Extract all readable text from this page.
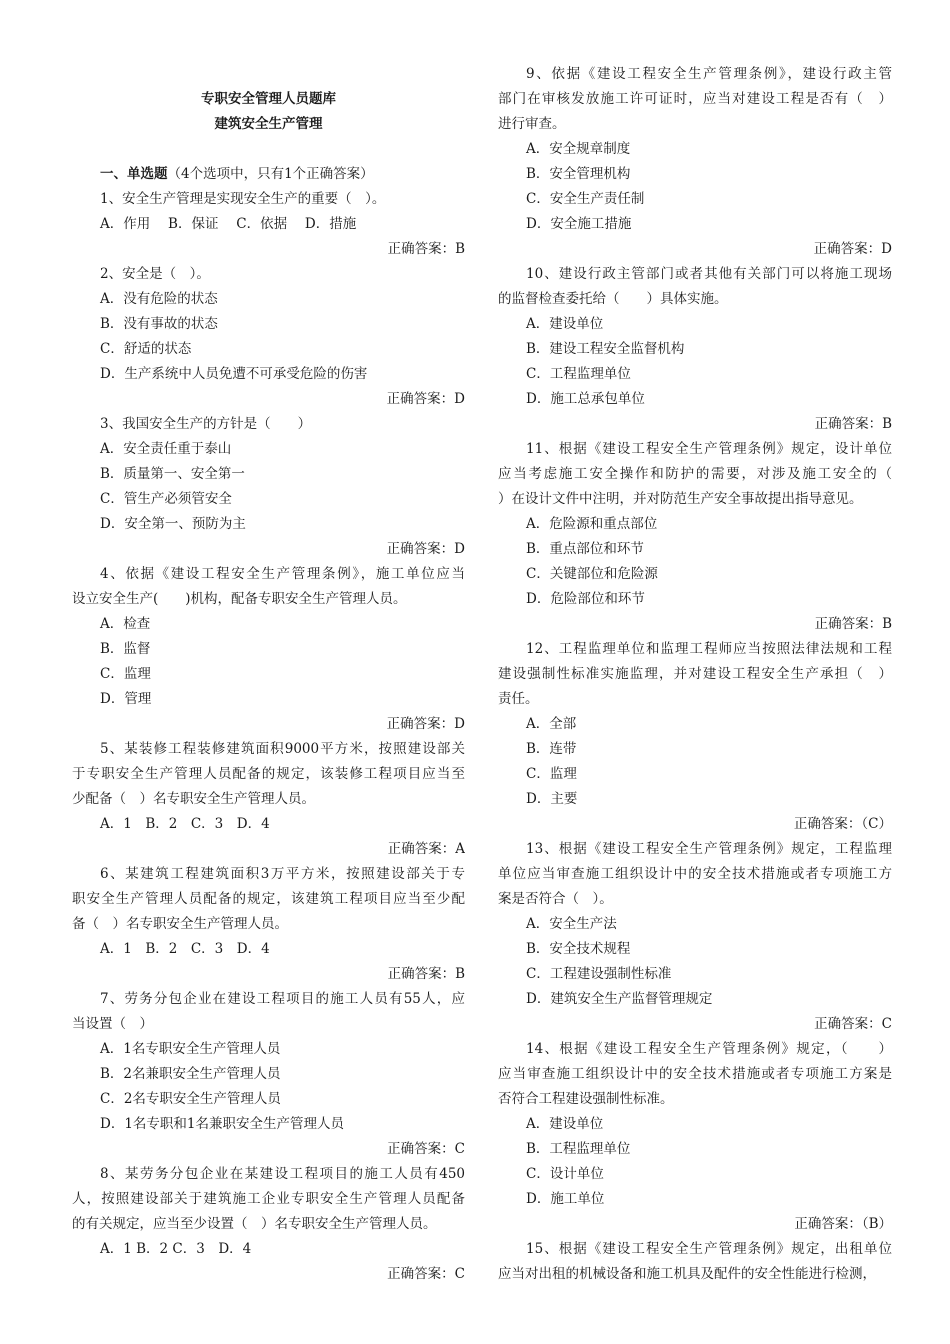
专职安全管理人员题库
建筑安全生产管理
一、单选题（4个选项中，只有1个正确答案）
1、安全生产管理是实现安全生产的重要（　）。
A．作用　 B．保证　 C．依据　 D．措施
正确答案：B
2、安全是（　）。
A．没有危险的状态
B．没有事故的状态
C．舒适的状态
D．生产系统中人员免遭不可承受危险的伤害
正确答案：D
3、我国安全生产的方针是（　　）
A．安全责任重于泰山
B．质量第一、安全第一
C．管生产必须管安全
D．安全第一、预防为主
正确答案：D
4、依据《建设工程安全生产管理条例》，施工单位应当
设立安全生产(　　)机构，配备专职安全生产管理人员。
A．检查
B．监督
C．监理
D．管理
正确答案：D
5、某装修工程装修建筑面积9000平方米，按照建设部关
于专职安全生产管理人员配备的规定，该装修工程项目应当至
少配备（　）名专职安全生产管理人员。
A．1　B．2　C．3　D．4
正确答案：A
6、某建筑工程建筑面积3万平方米，按照建设部关于专
职安全生产管理人员配备的规定，该建筑工程项目应当至少配
备（　）名专职安全生产管理人员。
A．1　B．2　C．3　D．4
正确答案：B
7、劳务分包企业在建设工程项目的施工人员有55人，应
当设置（　）
A．1名专职安全生产管理人员
B．2名兼职安全生产管理人员
C．2名专职安全生产管理人员
D．1名专职和1名兼职安全生产管理人员
正确答案：C
8、某劳务分包企业在某建设工程项目的施工人员有450
人，按照建设部关于建筑施工企业专职安全生产管理人员配备
的有关规定，应当至少设置（　）名专职安全生产管理人员。
A．1 B．2 C．3　D．4
正确答案：C
9、依据《建设工程安全生产管理条例》，建设行政主管
部门在审核发放施工许可证时，应当对建设工程是否有（　）
进行审查。
A．安全规章制度
B．安全管理机构
C．安全生产责任制
D．安全施工措施
正确答案：D
10、建设行政主管部门或者其他有关部门可以将施工现场
的监督检查委托给（　　）具体实施。
A．建设单位
B．建设工程安全监督机构
C．工程监理单位
D．施工总承包单位
正确答案：B
11、根据《建设工程安全生产管理条例》规定，设计单位
应当考虑施工安全操作和防护的需要，对涉及施工安全的（
）在设计文件中注明，并对防范生产安全事故提出指导意见。
A．危险源和重点部位
B．重点部位和环节
C．关键部位和危险源
D．危险部位和环节
正确答案：B
12、工程监理单位和监理工程师应当按照法律法规和工程
建设强制性标准实施监理，并对建设工程安全生产承担（　）
责任。
A．全部
B．连带
C．监理
D．主要
正确答案：（C）
13、根据《建设工程安全生产管理条例》规定，工程监理
单位应当审查施工组织设计中的安全技术措施或者专项施工方
案是否符合（　）。
A．安全生产法
B．安全技术规程
C．工程建设强制性标准
D．建筑安全生产监督管理规定
正确答案：C
14、根据《建设工程安全生产管理条例》规定，（　　）
应当审查施工组织设计中的安全技术措施或者专项施工方案是
否符合工程建设强制性标准。
A．建设单位
B．工程监理单位
C．设计单位
D．施工单位
正确答案：（B）
15、根据《建设工程安全生产管理条例》规定，出租单位
应当对出租的机械设备和施工机具及配件的安全性能进行检测，
